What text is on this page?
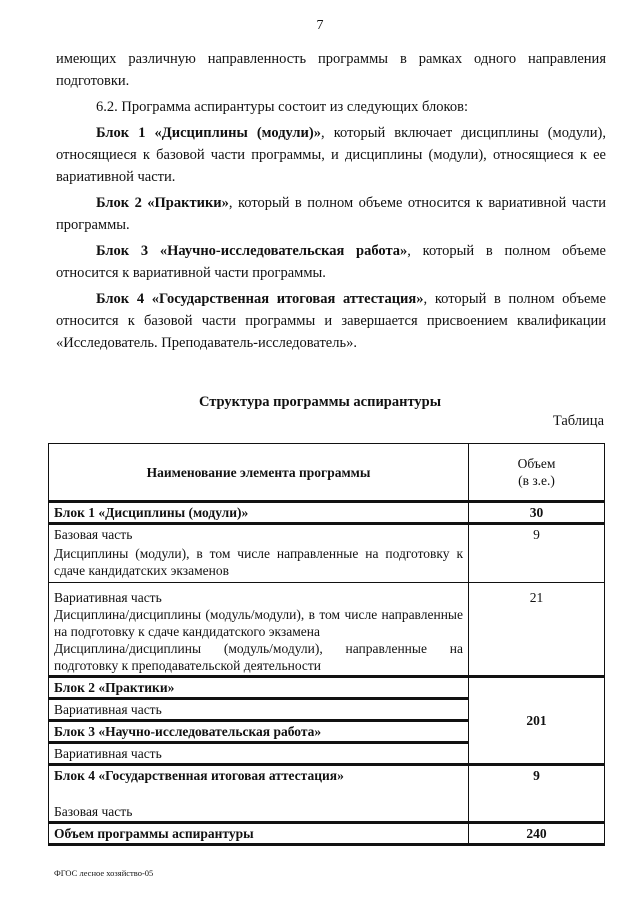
7

имеющих различную направленность программы в рамках одного направления подготовки.

6.2. Программа аспирантуры состоит из следующих блоков:

Блок 1 «Дисциплины (модули)», который включает дисциплины (модули), относящиеся к базовой части программы, и дисциплины (модули), относящиеся к ее вариативной части.

Блок 2 «Практики», который в полном объеме относится к вариативной части программы.

Блок 3 «Научно-исследовательская работа», который в полном объеме относится к вариативной части программы.

Блок 4 «Государственная итоговая аттестация», который в полном объеме относится к базовой части программы и завершается присвоением квалификации «Исследователь. Преподаватель-исследователь».

Структура программы аспирантуры
Таблица
Наименование элемента программы	Объем
(в з.е.)

Блок 1 «Дисциплины (модули)»	30
Базовая часть	9
Дисциплины (модули), в том числе направленные на подготовку к сдаче кандидатских экзаменов	

Вариативная часть
Дисциплина/дисциплины (модуль/модули), в том числе направленные на подготовку к сдаче кандидатского экзамена
Дисциплина/дисциплины (модуль/модули), направленные на подготовку к преподавательской деятельности	21
Блок 2 «Практики»	201
Вариативная часть	
Блок 3 «Научно-исследовательская работа»	
Вариативная часть	
Блок 4 «Государственная итоговая аттестация»	9
Базовая часть	
Объем программы аспирантуры	240
ФГОС лесное хозяйство-05
